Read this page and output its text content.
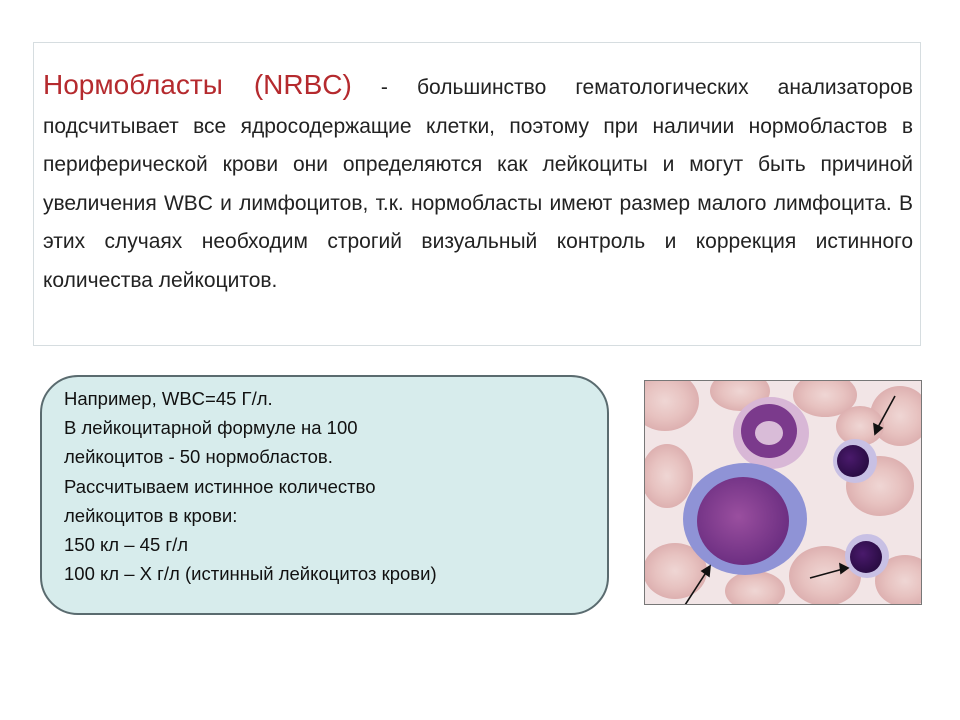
Нормобласты (NRBC) - большинство гематологических анализаторов подсчитывает все ядросодержащие клетки, поэтому при наличии нормобластов в периферической крови они определяются как лейкоциты и могут быть причиной увеличения WBC и лимфоцитов, т.к. нормобласты имеют размер малого лимфоцита. В этих случаях необходим строгий визуальный контроль и коррекция истинного количества лейкоцитов.

Например, WBC=45 Г/л.
В лейкоцитарной формуле на 100
лейкоцитов - 50 нормобластов.
Рассчитываем истинное количество
лейкоцитов в крови:
150 кл – 45 г/л
100 кл – Х г/л (истинный лейкоцитоз крови)
